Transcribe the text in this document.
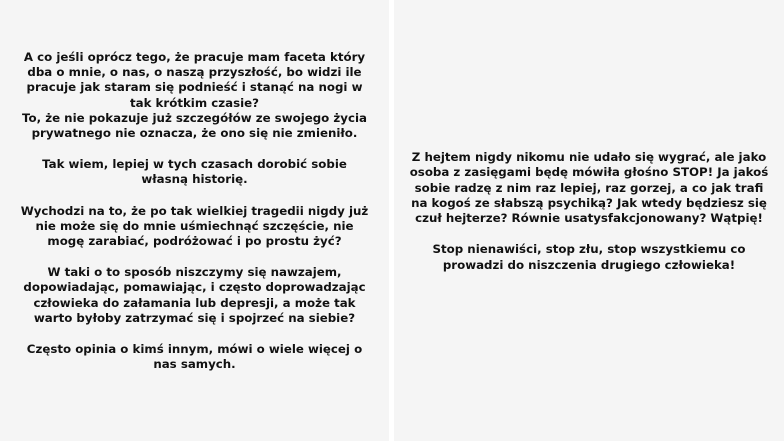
A co jeśli oprócz tego, że pracuje mam faceta który dba o mnie, o nas, o naszą przyszłość, bo widzi ile pracuje jak staram się podnieść i stanąć na nogi w tak krótkim czasie?

To, że nie pokazuje już szczegółów ze swojego życia prywatnego nie oznacza, że ono się nie zmieniło.

Tak wiem, lepiej w tych czasach dorobić sobie własną historię.

Wychodzi na to, że po tak wielkiej tragedii nigdy już nie może się do mnie uśmiechnąć szczęście, nie mogę zarabiać, podróżować i po prostu żyć?

W taki o to sposób niszczymy się nawzajem, dopowiadając, pomawiając, i często doprowadzając człowieka do załamania lub depresji, a może tak warto byłoby zatrzymać się i spojrzeć na siebie?

Często opinia o kimś innym, mówi o wiele więcej o nas samych.

Z hejtem nigdy nikomu nie udało się wygrać, ale jako osoba z zasięgami będę mówiła głośno STOP! Ja jakoś sobie radzę z nim raz lepiej, raz gorzej, a co jak trafi na kogoś ze słabszą psychiką? Jak wtedy będziesz się czuł hejterze? Równie usatysfakcjonowany? Wątpię!

Stop nienawiści, stop złu, stop wszystkiemu co prowadzi do niszczenia drugiego człowieka!
